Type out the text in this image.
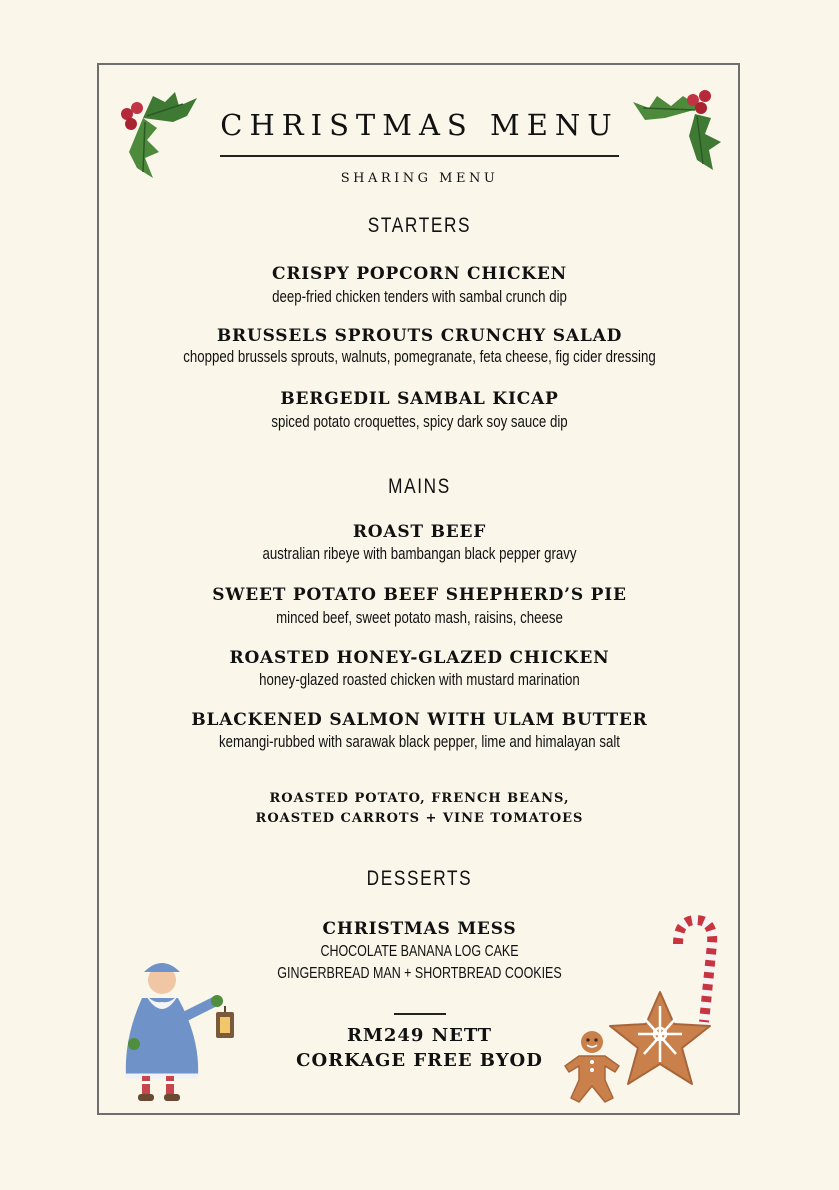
CHRISTMAS MENU
SHARING MENU
STARTERS
CRISPY POPCORN CHICKEN
deep-fried chicken tenders with sambal crunch dip
BRUSSELS SPROUTS CRUNCHY SALAD
chopped brussels sprouts, walnuts, pomegranate, feta cheese, fig cider dressing
BERGEDIL SAMBAL KICAP
spiced potato croquettes, spicy dark soy sauce dip
MAINS
ROAST BEEF
australian ribeye with bambangan black pepper gravy
SWEET POTATO BEEF SHEPHERD’S PIE
minced beef, sweet potato mash, raisins, cheese
ROASTED HONEY-GLAZED CHICKEN
honey-glazed roasted chicken with mustard marination
BLACKENED SALMON WITH ULAM BUTTER
kemangi-rubbed with sarawak black pepper, lime and himalayan salt
ROASTED POTATO, FRENCH BEANS,
ROASTED CARROTS + VINE TOMATOES
DESSERTS
CHRISTMAS MESS
CHOCOLATE BANANA LOG CAKE
GINGERBREAD MAN + SHORTBREAD COOKIES
RM249 NETT
CORKAGE FREE BYOD
